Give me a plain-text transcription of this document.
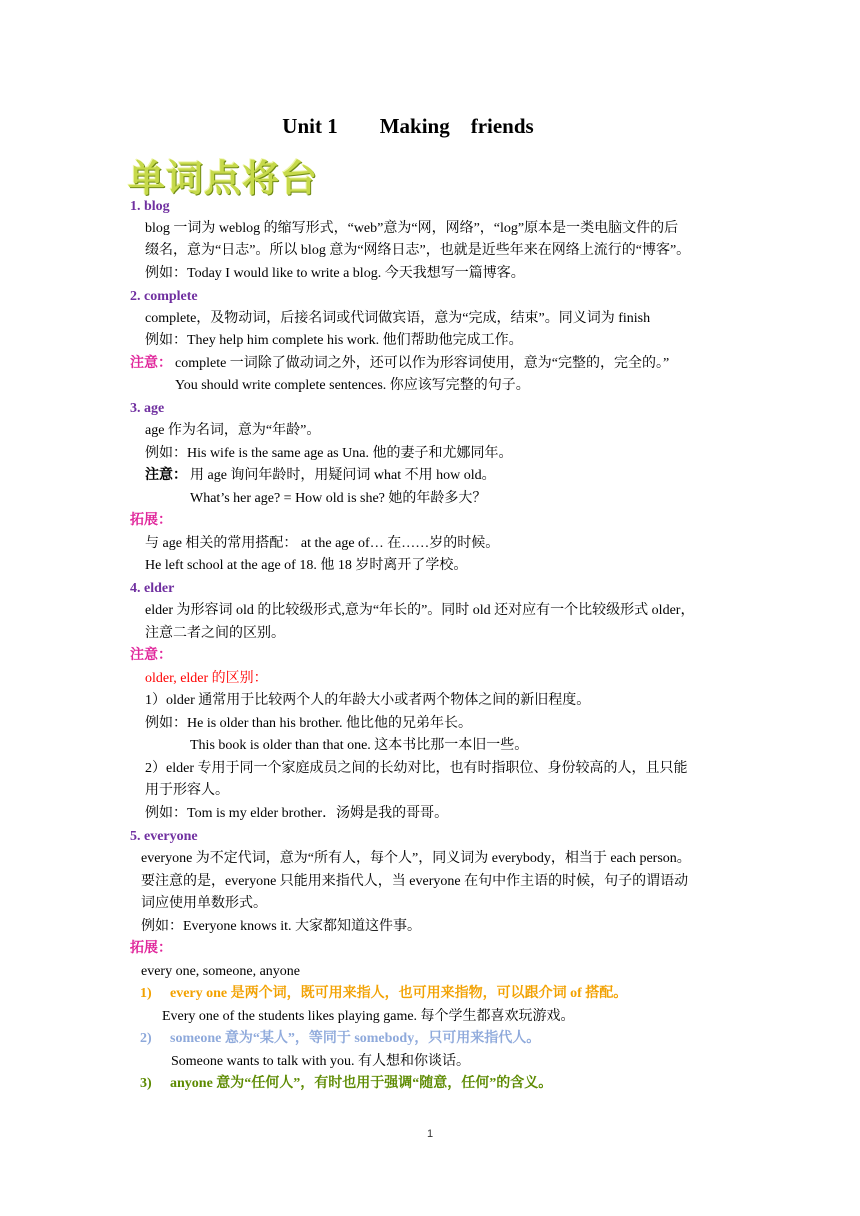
Unit 1        Making    friends
单词点将台
1. blog
blog 一词为 weblog 的缩写形式，“web”意为“网，网络”，“log”原本是一类电脑文件的后
缀名，意为“日志”。所以 blog 意为“网络日志”，也就是近些年来在网络上流行的“博客”。
例如：Today I would like to write a blog. 今天我想写一篇博客。
2. complete
complete，及物动词，后接名词或代词做宾语，意为“完成，结束”。同义词为 finish
例如：They help him complete his work. 他们帮助他完成工作。
注意： complete 一词除了做动词之外，还可以作为形容词使用，意为“完整的，完全的。”
You should write complete sentences. 你应该写完整的句子。
3. age
age 作为名词，意为“年龄”。
例如：His wife is the same age as Una. 他的妻子和尤娜同年。
注意： 用 age 询问年龄时，用疑问词 what 不用 how old。
What’s her age? = How old is she? 她的年龄多大？
拓展：
与 age 相关的常用搭配： at the age of… 在……岁的时候。
He left school at the age of 18. 他 18 岁时离开了学校。
4. elder
elder 为形容词 old 的比较级形式,意为“年长的”。同时 old 还对应有一个比较级形式 older，
注意二者之间的区别。
注意：
older, elder 的区别：
1）older 通常用于比较两个人的年龄大小或者两个物体之间的新旧程度。
例如：He is older than his brother. 他比他的兄弟年长。
This book is older than that one. 这本书比那一本旧一些。
2）elder 专用于同一个家庭成员之间的长幼对比，也有时指职位、身份较高的人，且只能
用于形容人。
例如：Tom is my elder brother．汤姆是我的哥哥。
5. everyone
everyone 为不定代词，意为“所有人，每个人”，同义词为 everybody，相当于 each person。
要注意的是，everyone 只能用来指代人，当 everyone 在句中作主语的时候，句子的谓语动
词应使用单数形式。
例如：Everyone knows it. 大家都知道这件事。
拓展：
every one, someone, anyone
Every one of the students likes playing game. 每个学生都喜欢玩游戏。
Someone wants to talk with you. 有人想和你谈话。
1) every one 是两个词，既可用来指人，也可用来指物，可以跟介词 of 搭配。
2) someone 意为“某人”，等同于 somebody，只可用来指代人。
3) anyone 意为“任何人”，有时也用于强调“随意，任何”的含义。
1
